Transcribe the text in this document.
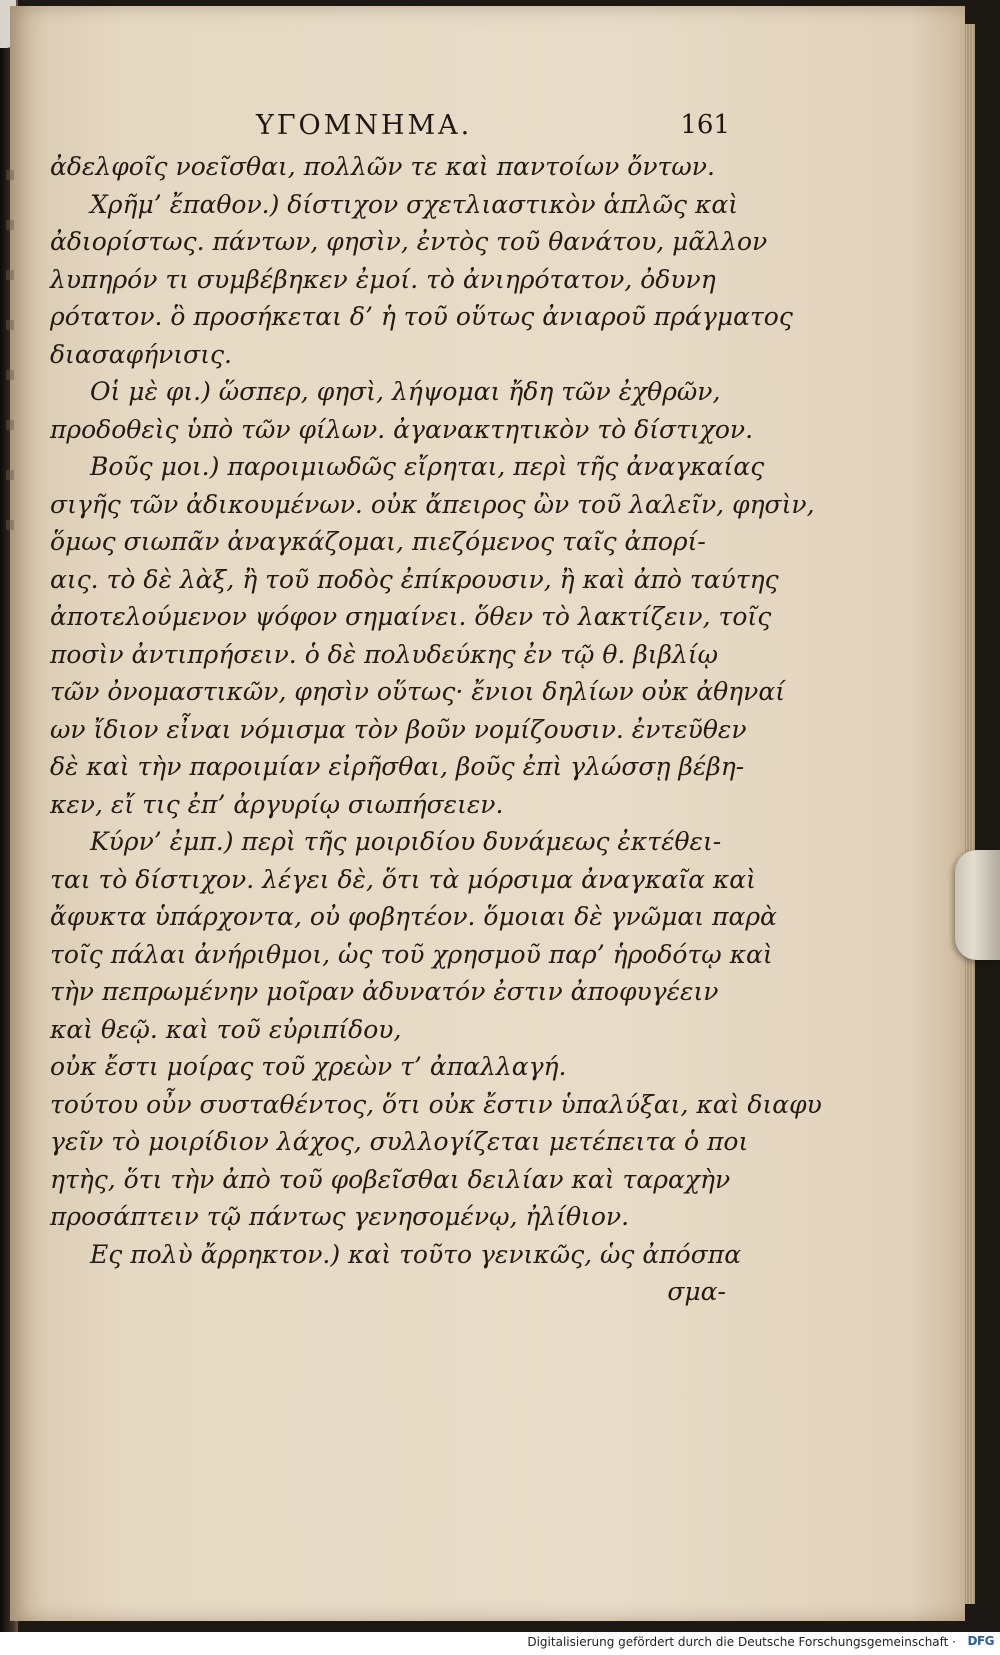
ΥΓΟΜΝΗΜΑ.	161
ἀδελφοῖς νοεῖσθαι, πολλῶν τε καὶ παντοίων ὄντων.
Χρῆμ’ ἔπαθον.) δίστιχον σχετλιαστικὸν ἁπλῶς καὶ
ἀδιορίστως. πάντων, φησὶν, ἐντὸς τοῦ θανάτου, μᾶλλον
λυπηρόν τι συμβέβηκεν ἐμοί. τὸ ἀνιηρότατον, ὀδυνη
ρότατον. ὃ προσήκεται δ’ ἡ τοῦ οὕτως ἀνιαροῦ πράγματος
διασαφήνισις.
Οἱ μὲ φι.) ὥσπερ, φησὶ, λήψομαι ἤδη τῶν ἐχθρῶν,
προδοθεὶς ὑπὸ τῶν φίλων. ἀγανακτητικὸν τὸ δίστιχον.
Βοῦς μοι.) παροιμιωδῶς εἴρηται, περὶ τῆς ἀναγκαίας
σιγῆς τῶν ἀδικουμένων. οὐκ ἄπειρος ὢν τοῦ λαλεῖν, φησὶν,
ὅμως σιωπᾶν ἀναγκάζομαι, πιεζόμενος ταῖς ἀπορί-
αις. τὸ δὲ λὰξ, ἢ τοῦ ποδὸς ἐπίκρουσιν, ἢ καὶ ἀπὸ ταύτης
ἀποτελούμενον ψόφον σημαίνει. ὅθεν τὸ λακτίζειν, τοῖς
ποσὶν ἀντιπρήσειν. ὁ δὲ πολυδεύκης ἐν τῷ θ. βιβλίῳ
τῶν ὀνομαστικῶν, φησὶν οὕτως· ἔνιοι δηλίων οὐκ ἀθηναί
ων ἴδιον εἶναι νόμισμα τὸν βοῦν νομίζουσιν. ἐντεῦθεν
δὲ καὶ τὴν παροιμίαν εἰρῆσθαι, βοῦς ἐπὶ γλώσσῃ βέβη-
κεν, εἴ τις ἐπ’ ἀργυρίῳ σιωπήσειεν.
Κύρν’ ἐμπ.) περὶ τῆς μοιριδίου δυνάμεως ἐκτέθει-
ται τὸ δίστιχον. λέγει δὲ, ὅτι τὰ μόρσιμα ἀναγκαῖα καὶ
ἄφυκτα ὑπάρχοντα, οὐ φοβητέον. ὅμοιαι δὲ γνῶμαι παρὰ
τοῖς πάλαι ἀνήριθμοι, ὡς τοῦ χρησμοῦ παρ’ ἡροδότῳ καὶ
τὴν πεπρωμένην μοῖραν ἀδυνατόν ἐστιν ἀποφυγέειν
καὶ θεῷ. καὶ τοῦ εὐριπίδου,
οὐκ ἔστι μοίρας τοῦ χρεὼν τ’ ἀπαλλαγή.
τούτου οὖν συσταθέντος, ὅτι οὐκ ἔστιν ὑπαλύξαι, καὶ διαφυ
γεῖν τὸ μοιρίδιον λάχος, συλλογίζεται μετέπειτα ὁ ποι
ητὴς, ὅτι τὴν ἀπὸ τοῦ φοβεῖσθαι δειλίαν καὶ ταραχὴν
προσάπτειν τῷ πάντως γενησομένῳ, ἠλίθιον.
Ες πολὺ ἄρρηκτον.) καὶ τοῦτο γενικῶς, ὡς ἀπόσπα
σμα-
Digitalisierung gefördert durch die Deutsche Forschungsgemeinschaft · DFG
